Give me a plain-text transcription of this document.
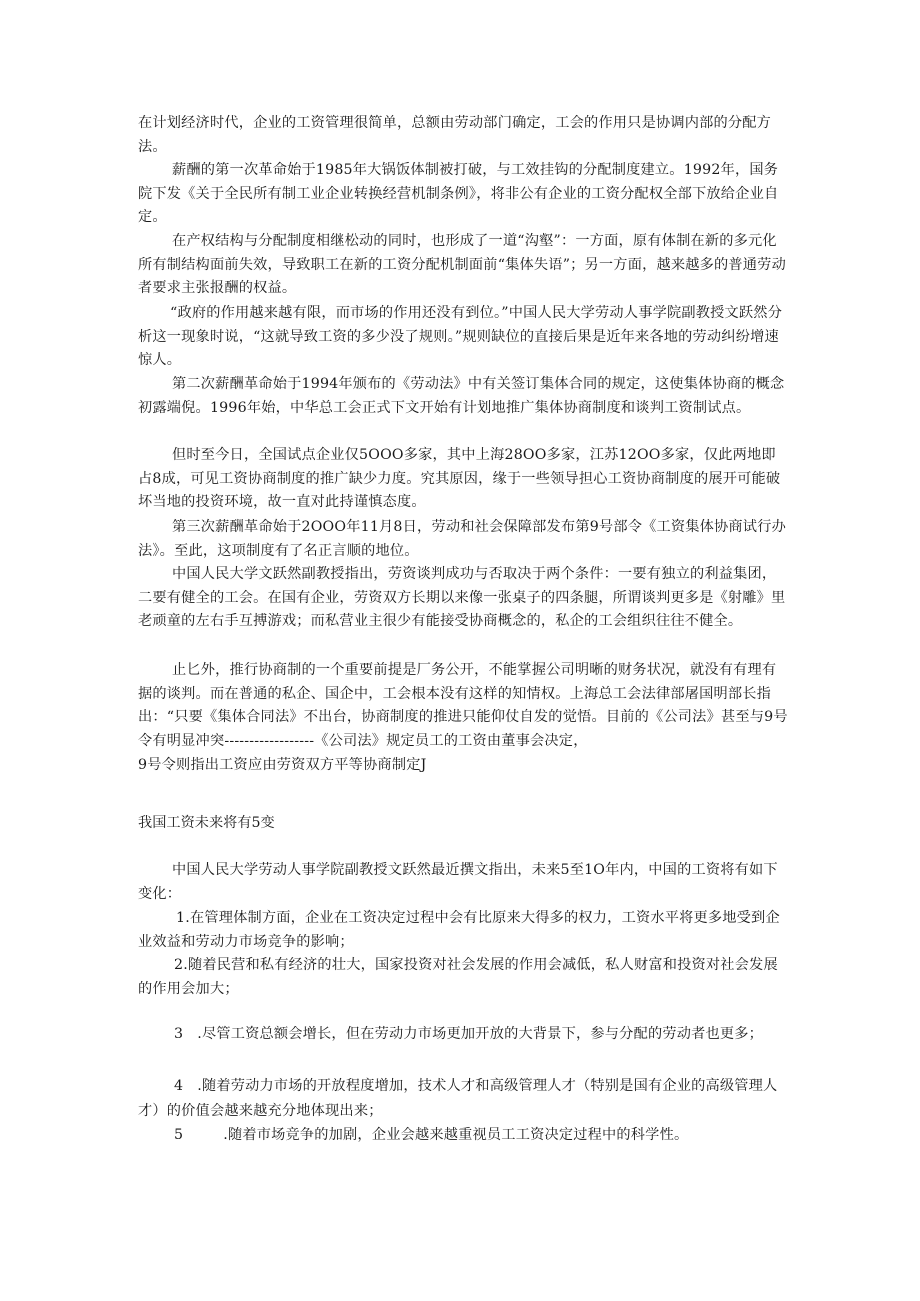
在计划经济时代，企业的工资管理很简单，总额由劳动部门确定，工会的作用只是协调内部的分配方法。

薪酬的第一次革命始于1985年大锅饭体制被打破，与工效挂钩的分配制度建立。1992年，国务院下发《关于全民所有制工业企业转换经营机制条例》，将非公有企业的工资分配权全部下放给企业自定。

在产权结构与分配制度相继松动的同时，也形成了一道“沟壑”：一方面，原有体制在新的多元化所有制结构面前失效，导致职工在新的工资分配机制面前“集体失语”；另一方面，越来越多的普通劳动者要求主张报酬的权益。

“政府的作用越来越有限，而市场的作用还没有到位。”中国人民大学劳动人事学院副教授文跃然分析这一现象时说，“这就导致工资的多少没了规则。”规则缺位的直接后果是近年来各地的劳动纠纷增速惊人。

第二次薪酬革命始于1994年颁布的《劳动法》中有关签订集体合同的规定，这使集体协商的概念初露端倪。1996年始，中华总工会正式下文开始有计划地推广集体协商制度和谈判工资制试点。

但时至今日，全国试点企业仅5OOO多家，其中上海28OO多家，江苏12OO多家，仅此两地即占8成，可见工资协商制度的推广缺少力度。究其原因，缘于一些领导担心工资协商制度的展开可能破坏当地的投资环境，故一直对此持谨慎态度。

第三次薪酬革命始于2OOO年11月8日，劳动和社会保障部发布第9号部令《工资集体协商试行办法》。至此，这项制度有了名正言顺的地位。

中国人民大学文跃然副教授指出，劳资谈判成功与否取决于两个条件：一要有独立的利益集团，二要有健全的工会。在国有企业，劳资双方长期以来像一张桌子的四条腿，所谓谈判更多是《射雕》里老顽童的左右手互搏游戏；而私营业主很少有能接受协商概念的，私企的工会组织往往不健全。

止匕外，推行协商制的一个重要前提是厂务公开，不能掌握公司明晰的财务状况，就没有有理有据的谈判。而在普通的私企、国企中，工会根本没有这样的知情权。上海总工会法律部屠国明部长指出：“只要《集体合同法》不出台，协商制度的推进只能仰仗自发的觉悟。目前的《公司法》甚至与9号令有明显冲突------------------《公司法》规定员工的工资由董事会决定，

9号令则指出工资应由劳资双方平等协商制定J

我国工资未来将有5变

中国人民大学劳动人事学院副教授文跃然最近撰文指出，未来5至1O年内，中国的工资将有如下变化：

1.在管理体制方面，企业在工资决定过程中会有比原来大得多的权力，工资水平将更多地受到企业效益和劳动力市场竞争的影响；
2.随着民营和私有经济的壮大，国家投资对社会发展的作用会减低，私人财富和投资对社会发展的作用会加大；
3 .尽管工资总额会增长，但在劳动力市场更加开放的大背景下，参与分配的劳动者也更多；
4 .随着劳动力市场的开放程度增加，技术人才和高级管理人才（特别是国有企业的高级管理人才）的价值会越来越充分地体现出来；
5	.随着市场竞争的加剧，企业会越来越重视员工工资决定过程中的科学性。
